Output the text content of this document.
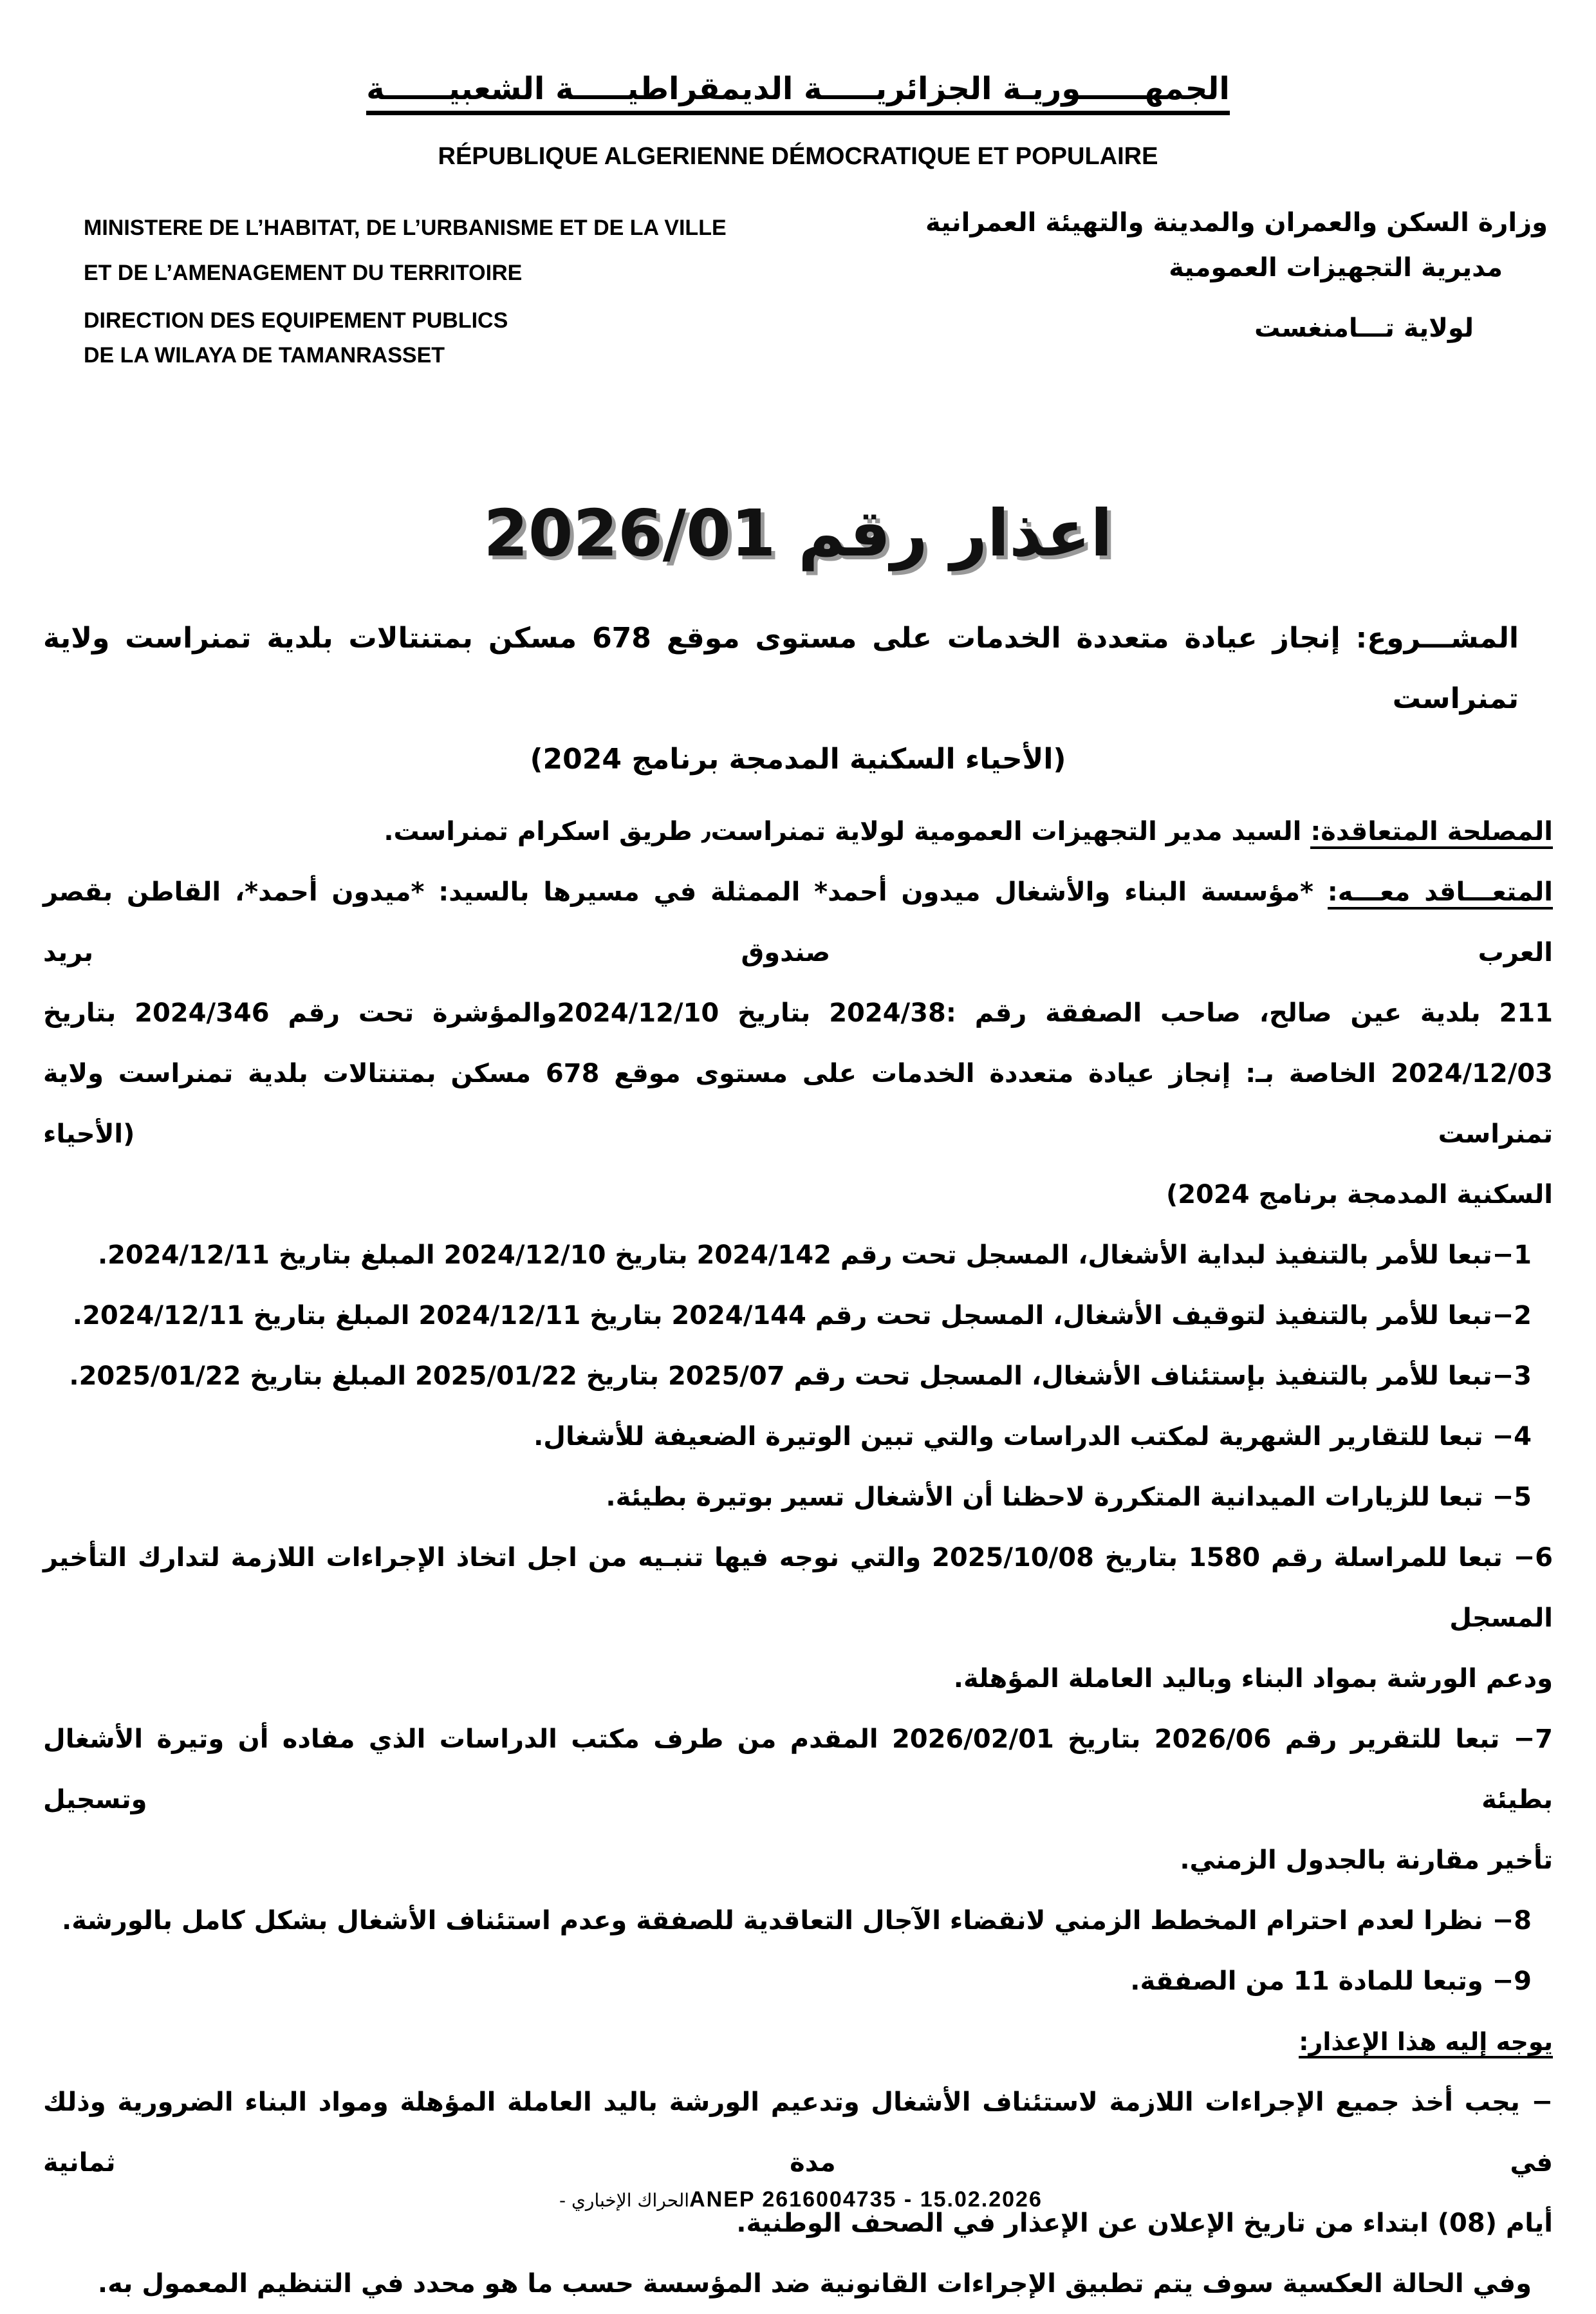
الجمهــــــوريـة الجزائريـــــة الديمقراطيـــــة الشعبيــــــة
RÉPUBLIQUE ALGERIENNE DÉMOCRATIQUE ET POPULAIRE
MINISTERE DE L’HABITAT, DE L’URBANISME ET DE LA VILLE
ET DE L’AMENAGEMENT DU TERRITOIRE
DIRECTION DES EQUIPEMENT PUBLICS
DE LA WILAYA DE TAMANRASSET
وزارة السكن والعمران والمدينة والتهيئة العمرانية
مديرية التجهيزات العمومية
لولاية تـــامنغست
اعذار رقم 2026/01
المشـــروع: إنجاز عيادة متعددة الخدمات على مستوى موقع 678 مسكن بمتنتالات بلدية تمنراست ولاية تمنراست
(الأحياء السكنية المدمجة برنامج 2024)
المصلحة المتعاقدة: السيد مدير التجهيزات العمومية لولاية تمنراست٫ طريق اسكرام تمنراست.
المتعـــاقد معـــه: *مؤسسة البناء والأشغال ميدون أحمد* الممثلة في مسيرها بالسيد: *ميدون أحمد*، القاطن بقصر العرب صندوق بريد
211 بلدية عين صالح، صاحب الصفقة رقم :2024/38 بتاريخ 2024/12/10والمؤشرة تحت رقم 2024/346 بتاريخ
2024/12/03 الخاصة بـ: إنجاز عيادة متعددة الخدمات على مستوى موقع 678 مسكن بمتنتالات بلدية تمنراست ولاية تمنراست (الأحياء
السكنية المدمجة برنامج 2024)
1−تبعا للأمر بالتنفيذ لبداية الأشغال، المسجل تحت رقم 2024/142 بتاريخ 2024/12/10 المبلغ بتاريخ 2024/12/11.
2−تبعا للأمر بالتنفيذ لتوقيف الأشغال، المسجل تحت رقم 2024/144 بتاريخ 2024/12/11 المبلغ بتاريخ 2024/12/11.
3−تبعا للأمر بالتنفيذ بإستئناف الأشغال، المسجل تحت رقم 2025/07 بتاريخ 2025/01/22 المبلغ بتاريخ 2025/01/22.
4− تبعا للتقارير الشهرية لمكتب الدراسات والتي تبين الوتيرة الضعيفة للأشغال.
5− تبعا للزيارات الميدانية المتكررة لاحظنا أن الأشغال تسير بوتيرة بطيئة.
6− تبعا للمراسلة رقم 1580 بتاريخ 2025/10/08 والتي نوجه فيها تنبـيه من اجل اتخاذ الإجراءات اللازمة لتدارك التأخير المسجل
ودعم الورشة بمواد البناء وباليد العاملة المؤهلة.
7− تبعا للتقرير رقم 2026/06 بتاريخ 2026/02/01 المقدم من طرف مكتب الدراسات الذي مفاده أن وتيرة الأشغال بطيئة وتسجيل
تأخير مقارنة بالجدول الزمني.
8− نظرا لعدم احترام المخطط الزمني لانقضاء الآجال التعاقدية للصفقة وعدم استئناف الأشغال بشكل كامل بالورشة.
9− وتبعا للمادة 11 من الصفقة.
يوجه إليه هذا الإعذار:
− يجب أخذ جميع الإجراءات اللازمة لاستئناف الأشغال وتدعيم الورشة باليد العاملة المؤهلة ومواد البناء الضرورية وذلك في مدة ثمانية
أيام (08) ابتداء من تاريخ الإعلان عن الإعذار في الصحف الوطنية.
وفي الحالة العكسية سوف يتم تطبيق الإجراءات القانونية ضد المؤسسة حسب ما هو محدد في التنظيم المعمول به.
الحراك الإخباري - ANEP 2616004735 - 15.02.2026
